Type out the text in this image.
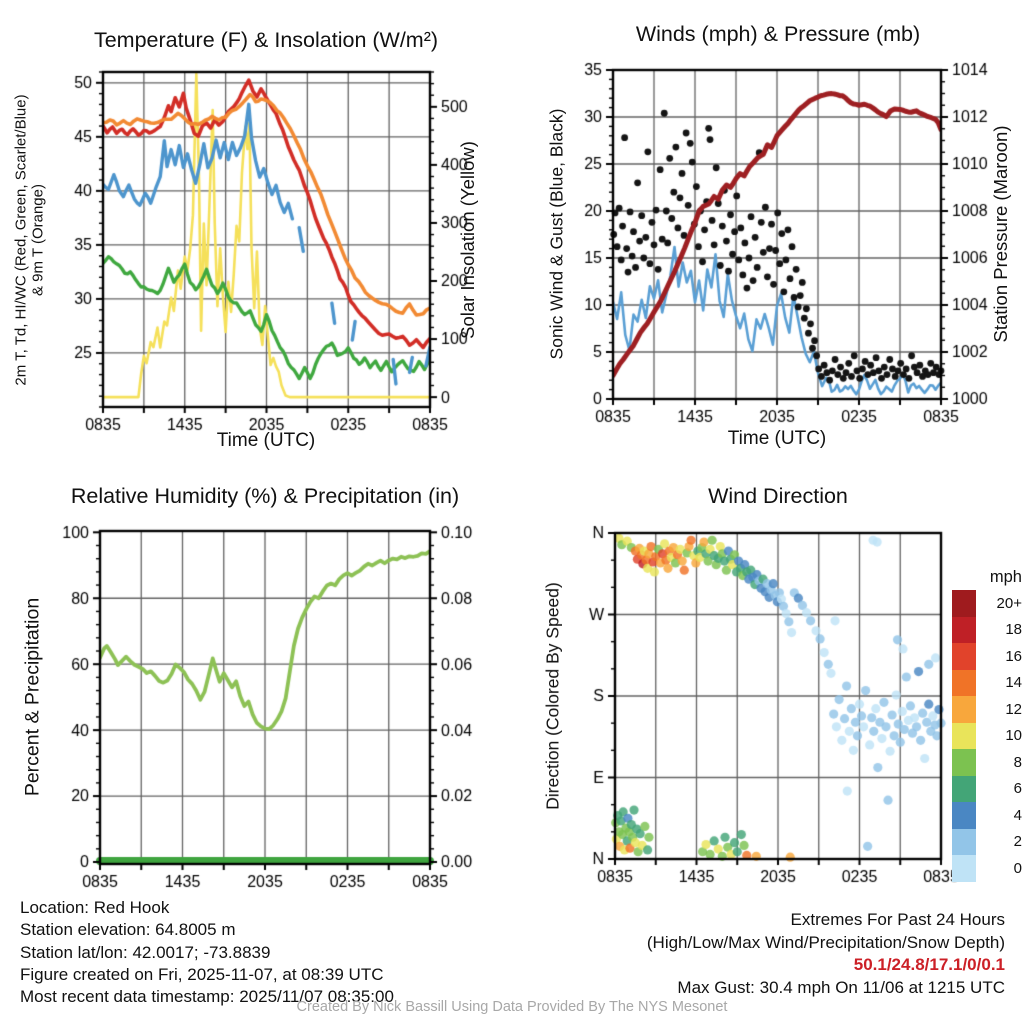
Temperature (F) & Insolation (W/m²)	Winds (mph) & Pressure (mb)
Relative Humidity (%) & Precipitation (in)	Wind Direction
2m T, Td, HI/WC (Red, Green, Scarlet/Blue) & 9m T (Orange)	Solar Insolation (Yellow)	Sonic Wind & Gust (Blue, Black)	Station Pressure (Maroon)
Percent & Precipitation	Direction (Colored By Speed)
Time (UTC)	Time (UTC)
mph
20+
18
16
14
12
10
8
6
4
2
0
Location: Red Hook
Station elevation: 64.8005 m
Station lat/lon: 42.0017; -73.8839
Figure created on Fri, 2025-11-07, at 08:39 UTC
Most recent data timestamp: 2025/11/07 08:35:00
Extremes For Past 24 Hours
(High/Low/Max Wind/Precipitation/Snow Depth)
50.1/24.8/17.1/0/0.1
Max Gust: 30.4 mph On 11/06 at 1215 UTC
Created By Nick Bassill Using Data Provided By The NYS Mesonet
